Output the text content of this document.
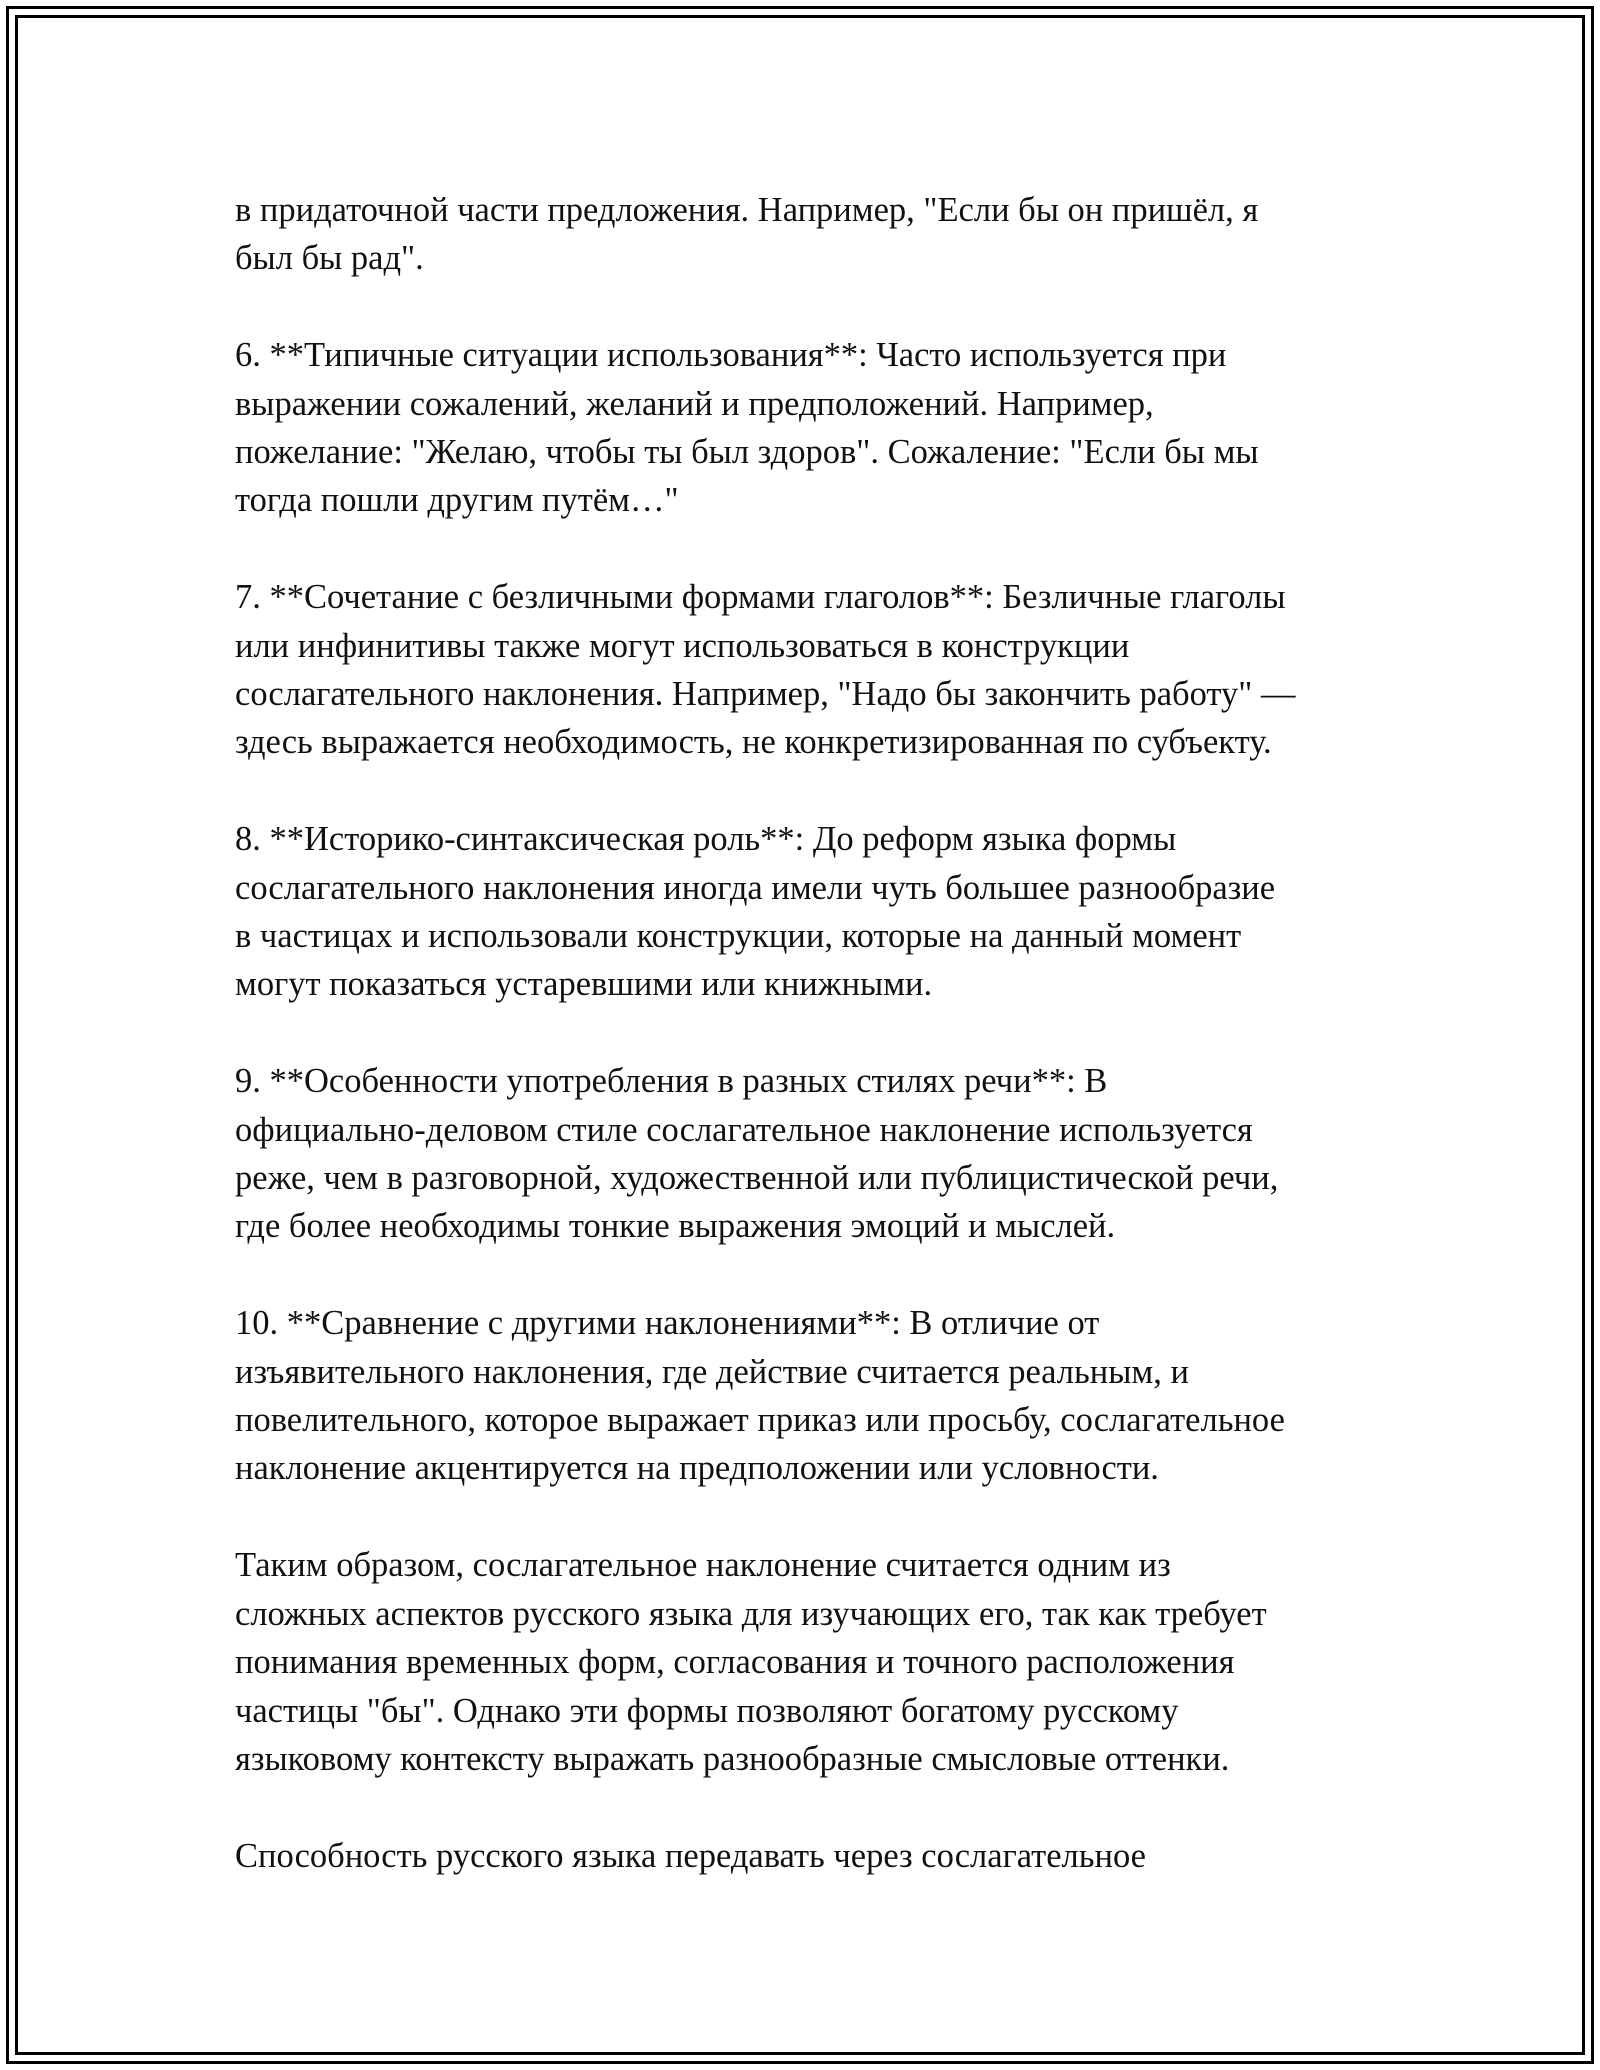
в придаточной части предложения. Например, "Если бы он пришёл, я
был бы рад".

6. **Типичные ситуации использования**: Часто используется при
выражении сожалений, желаний и предположений. Например,
пожелание: "Желаю, чтобы ты был здоров". Сожаление: "Если бы мы
тогда пошли другим путём…"

7. **Сочетание с безличными формами глаголов**: Безличные глаголы
или инфинитивы также могут использоваться в конструкции
сослагательного наклонения. Например, "Надо бы закончить работу" —
здесь выражается необходимость, не конкретизированная по субъекту.

8. **Историко-синтаксическая роль**: До реформ языка формы
сослагательного наклонения иногда имели чуть большее разнообразие
в частицах и использовали конструкции, которые на данный момент
могут показаться устаревшими или книжными.

9. **Особенности употребления в разных стилях речи**: В
официально-деловом стиле сослагательное наклонение используется
реже, чем в разговорной, художественной или публицистической речи,
где более необходимы тонкие выражения эмоций и мыслей.

10. **Сравнение с другими наклонениями**: В отличие от
изъявительного наклонения, где действие считается реальным, и
повелительного, которое выражает приказ или просьбу, сослагательное
наклонение акцентируется на предположении или условности.

Таким образом, сослагательное наклонение считается одним из
сложных аспектов русского языка для изучающих его, так как требует
понимания временных форм, согласования и точного расположения
частицы "бы". Однако эти формы позволяют богатому русскому
языковому контексту выражать разнообразные смысловые оттенки.

Способность русского языка передавать через сослагательное
